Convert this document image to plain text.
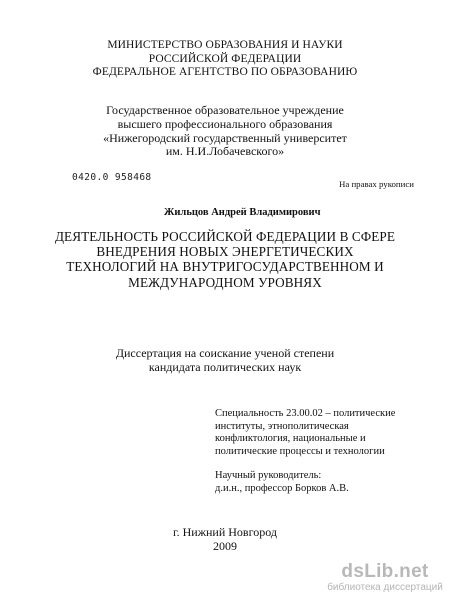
МИНИСТЕРСТВО ОБРАЗОВАНИЯ И НАУКИ
РОССИЙСКОЙ ФЕДЕРАЦИИ
ФЕДЕРАЛЬНОЕ АГЕНТСТВО ПО ОБРАЗОВАНИЮ
Государственное образовательное учреждение
высшего профессионального образования
«Нижегородский государственный университет
им. Н.И.Лобачевского»
0420.0 958468
На правах рукописи
Жильцов Андрей Владимирович
ДЕЯТЕЛЬНОСТЬ РОССИЙСКОЙ ФЕДЕРАЦИИ В СФЕРЕ
ВНЕДРЕНИЯ НОВЫХ ЭНЕРГЕТИЧЕСКИХ
ТЕХНОЛОГИЙ НА ВНУТРИГОСУДАРСТВЕННОМ И
МЕЖДУНАРОДНОМ УРОВНЯХ
Диссертация на соискание ученой степени
кандидата политических наук
Специальность 23.00.02 – политические
институты, этнополитическая
конфликтология, национальные и
политические процессы и технологии
Научный руководитель:
д.и.н., профессор Борков А.В.
г. Нижний Новгород
2009
dsLib.net
библиотека диссертаций
